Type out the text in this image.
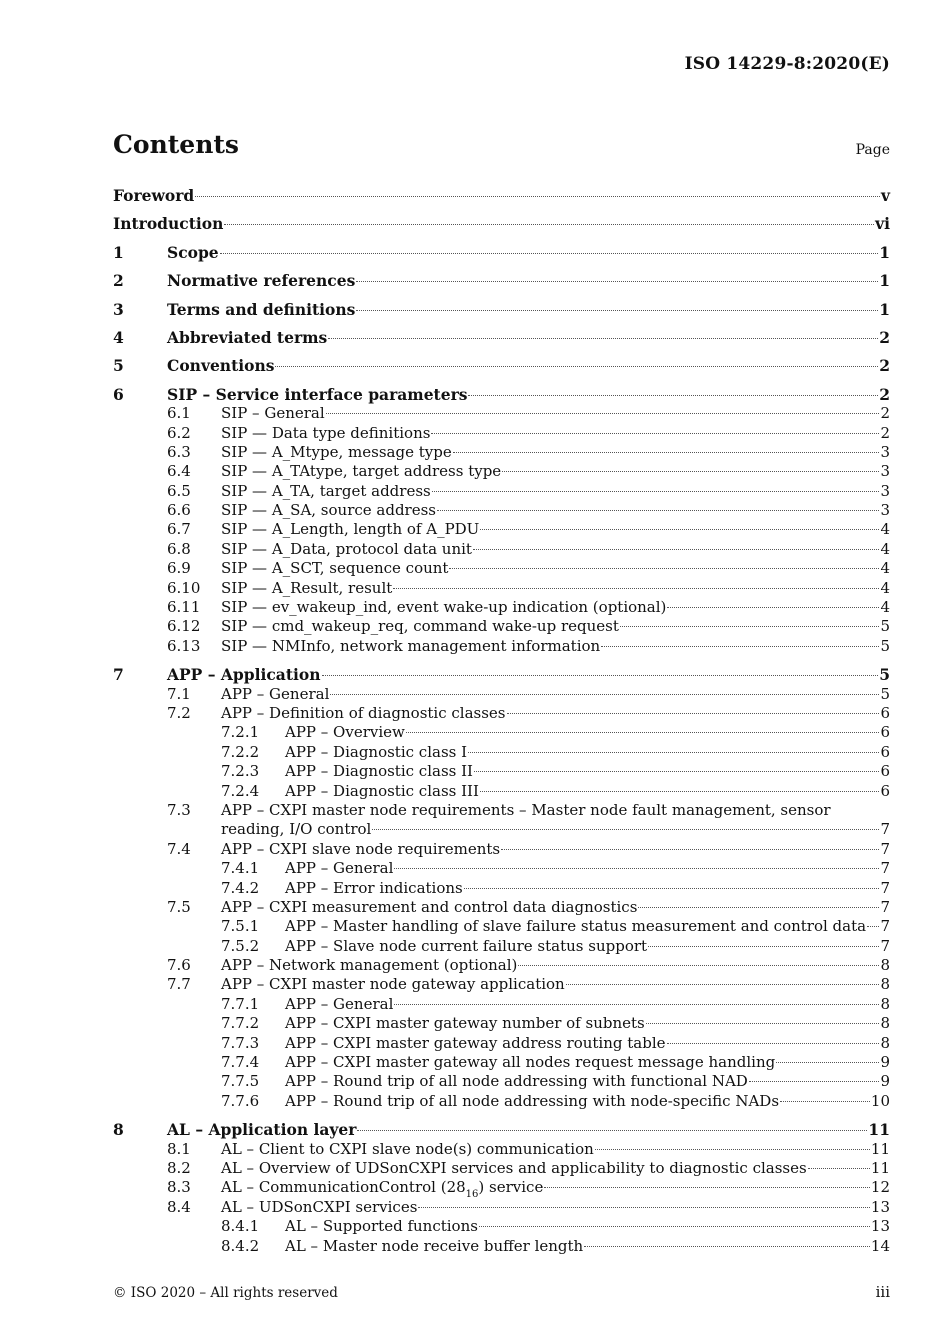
ISO 14229-8:2020(E)
Contents	Page
Foreword	v
Introduction	vi
1	Scope	1
2	Normative references	1
3	Terms and definitions	1
4	Abbreviated terms	2
5	Conventions	2
6	SIP – Service interface parameters	2
6.1 SIP – General	2
6.2 SIP — Data type definitions	2
6.3 SIP — A_Mtype, message type	3
6.4 SIP — A_TAtype, target address type	3
6.5 SIP — A_TA, target address	3
6.6 SIP — A_SA, source address	3
6.7 SIP — A_Length, length of A_PDU	4
6.8 SIP — A_Data, protocol data unit	4
6.9 SIP — A_SCT, sequence count	4
6.10 SIP — A_Result, result	4
6.11 SIP — ev_wakeup_ind, event wake-up indication (optional)	4
6.12 SIP — cmd_wakeup_req, command wake-up request	5
6.13 SIP — NMInfo, network management information	5
7	APP – Application	5
7.1 APP – General	5
7.2 APP – Definition of diagnostic classes	6
7.2.1 APP – Overview	6
7.2.2 APP – Diagnostic class I	6
7.2.3 APP – Diagnostic class II	6
7.2.4 APP – Diagnostic class III	6
7.3 APP – CXPI master node requirements – Master node fault management, sensor
reading, I/O control	7
7.4 APP – CXPI slave node requirements	7
7.4.1 APP – General	7
7.4.2 APP – Error indications	7
7.5 APP – CXPI measurement and control data diagnostics	7
7.5.1 APP – Master handling of slave failure status measurement and control data 7
7.5.2 APP – Slave node current failure status support	7
7.6 APP – Network management (optional)	8
7.7 APP – CXPI master node gateway application	8
7.7.1 APP – General	8
7.7.2 APP – CXPI master gateway number of subnets	8
7.7.3 APP – CXPI master gateway address routing table	8
7.7.4 APP – CXPI master gateway all nodes request message handling	9
7.7.5 APP – Round trip of all node addressing with functional NAD	9
7.7.6 APP – Round trip of all node addressing with node-specific NADs	10
8	AL – Application layer	11
8.1 AL – Client to CXPI slave node(s) communication	11
8.2 AL – Overview of UDSonCXPI services and applicability to diagnostic classes	11
8.3 AL – CommunicationControl $(28_{16})$ service	12
8.4 AL – UDSonCXPI services	13
8.4.1 AL – Supported functions	13
8.4.2 AL – Master node receive buffer length	14
© ISO 2020 – All rights reserved	iii
